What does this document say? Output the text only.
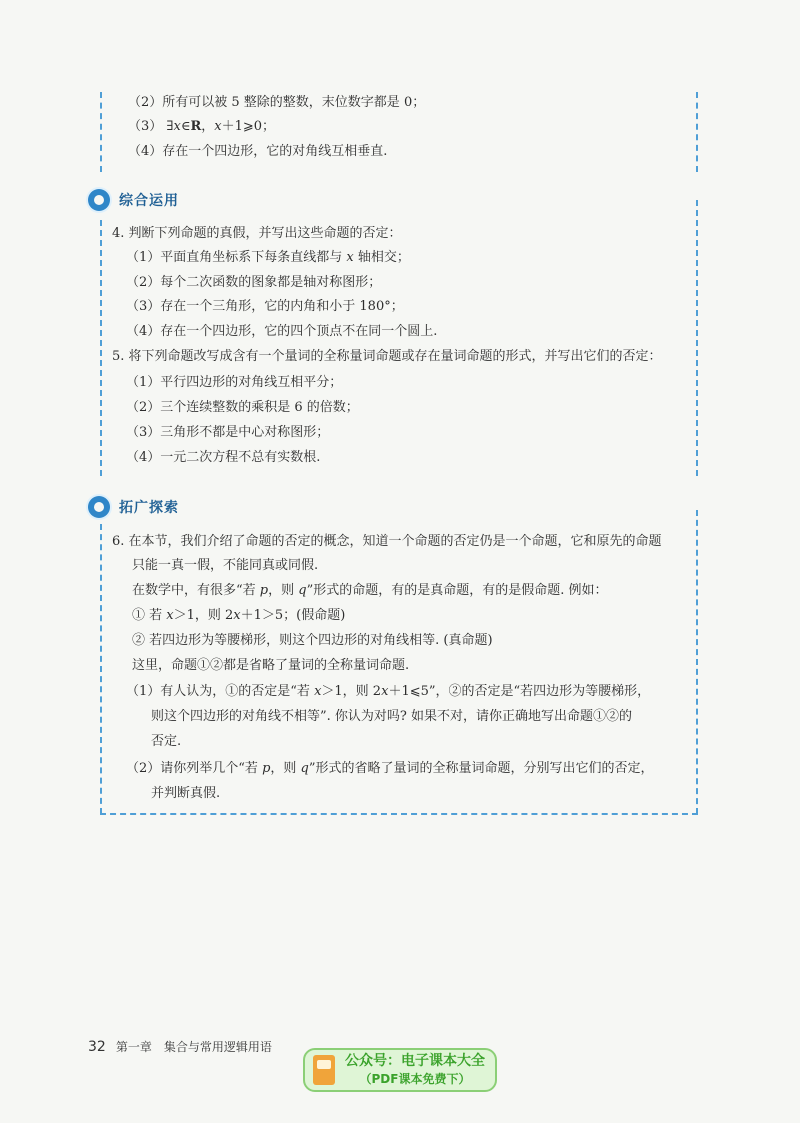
（2）所有可以被 5 整除的整数，末位数字都是 0；
（3） ∃x∈R，x＋1⩾0；
（4）存在一个四边形，它的对角线互相垂直.
综合运用
4. 判断下列命题的真假，并写出这些命题的否定：
（1）平面直角坐标系下每条直线都与 x 轴相交；
（2）每个二次函数的图象都是轴对称图形；
（3）存在一个三角形，它的内角和小于 180°；
（4）存在一个四边形，它的四个顶点不在同一个圆上.
5. 将下列命题改写成含有一个量词的全称量词命题或存在量词命题的形式，并写出它们的否定：
（1）平行四边形的对角线互相平分；
（2）三个连续整数的乘积是 6 的倍数；
（3）三角形不都是中心对称图形；
（4）一元二次方程不总有实数根.
拓广探索
6. 在本节，我们介绍了命题的否定的概念，知道一个命题的否定仍是一个命题，它和原先的命题
只能一真一假，不能同真或同假.
在数学中，有很多“若 p，则 q”形式的命题，有的是真命题，有的是假命题. 例如：
① 若 x＞1，则 2x＋1＞5；(假命题)
② 若四边形为等腰梯形，则这个四边形的对角线相等. (真命题)
这里，命题①②都是省略了量词的全称量词命题.
（1）有人认为，①的否定是“若 x＞1，则 2x＋1⩽5”，②的否定是“若四边形为等腰梯形，
则这个四边形的对角线不相等”. 你认为对吗? 如果不对，请你正确地写出命题①②的
否定.
（2）请你列举几个“若 p，则 q”形式的省略了量词的全称量词命题，分别写出它们的否定，
并判断真假.
32 第一章　集合与常用逻辑用语
公众号：电子课本大全
（PDF课本免费下）
